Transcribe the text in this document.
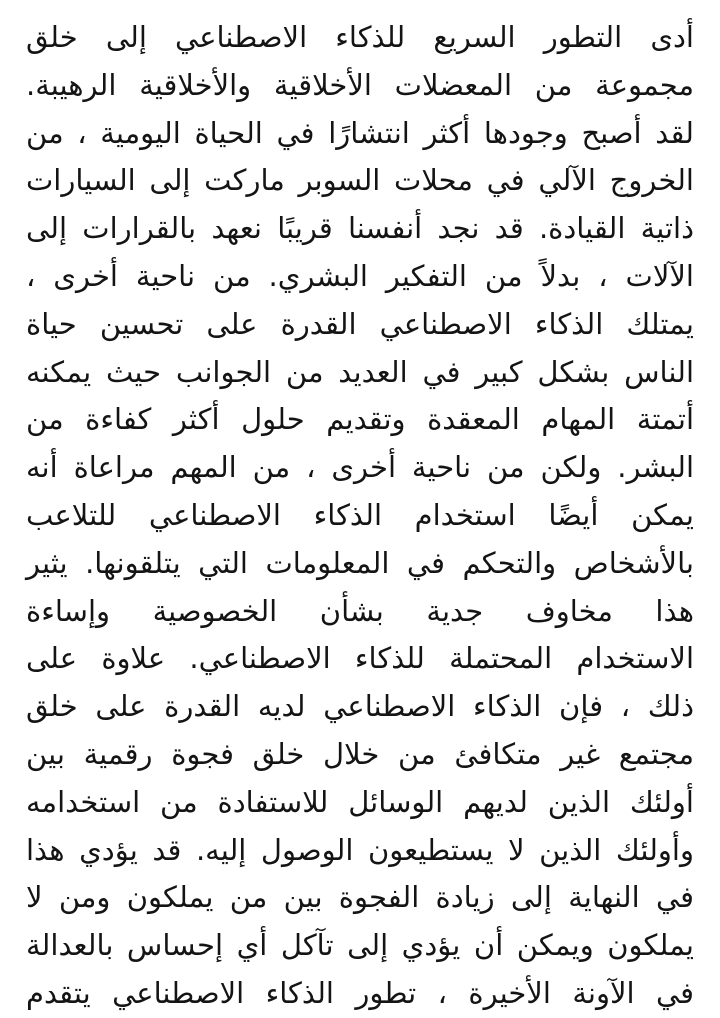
أدى التطور السريع للذكاء الاصطناعي إلى خلق
مجموعة من المعضلات الأخلاقية والأخلاقية الرهيبة.
لقد أصبح وجودها أكثر انتشارًا في الحياة اليومية ، من
الخروج الآلي في محلات السوبر ماركت إلى السيارات
ذاتية القيادة. قد نجد أنفسنا قريبًا نعهد بالقرارات إلى
الآلات ، بدلاً من التفكير البشري. من ناحية أخرى ،
يمتلك الذكاء الاصطناعي القدرة على تحسين حياة
الناس بشكل كبير في العديد من الجوانب حيث يمكنه
أتمتة المهام المعقدة وتقديم حلول أكثر كفاءة من
البشر. ولكن من ناحية أخرى ، من المهم مراعاة أنه
يمكن أيضًا استخدام الذكاء الاصطناعي للتلاعب
بالأشخاص والتحكم في المعلومات التي يتلقونها. يثير
هذا مخاوف جدية بشأن الخصوصية وإساءة
الاستخدام المحتملة للذكاء الاصطناعي. علاوة على
ذلك ، فإن الذكاء الاصطناعي لديه القدرة على خلق
مجتمع غير متكافئ من خلال خلق فجوة رقمية بين
أولئك الذين لديهم الوسائل للاستفادة من استخدامه
وأولئك الذين لا يستطيعون الوصول إليه. قد يؤدي هذا
في النهاية إلى زيادة الفجوة بين من يملكون ومن لا
يملكون ويمكن أن يؤدي إلى تآكل أي إحساس بالعدالة
في الآونة الأخيرة ، تطور الذكاء الاصطناعي يتقدم
